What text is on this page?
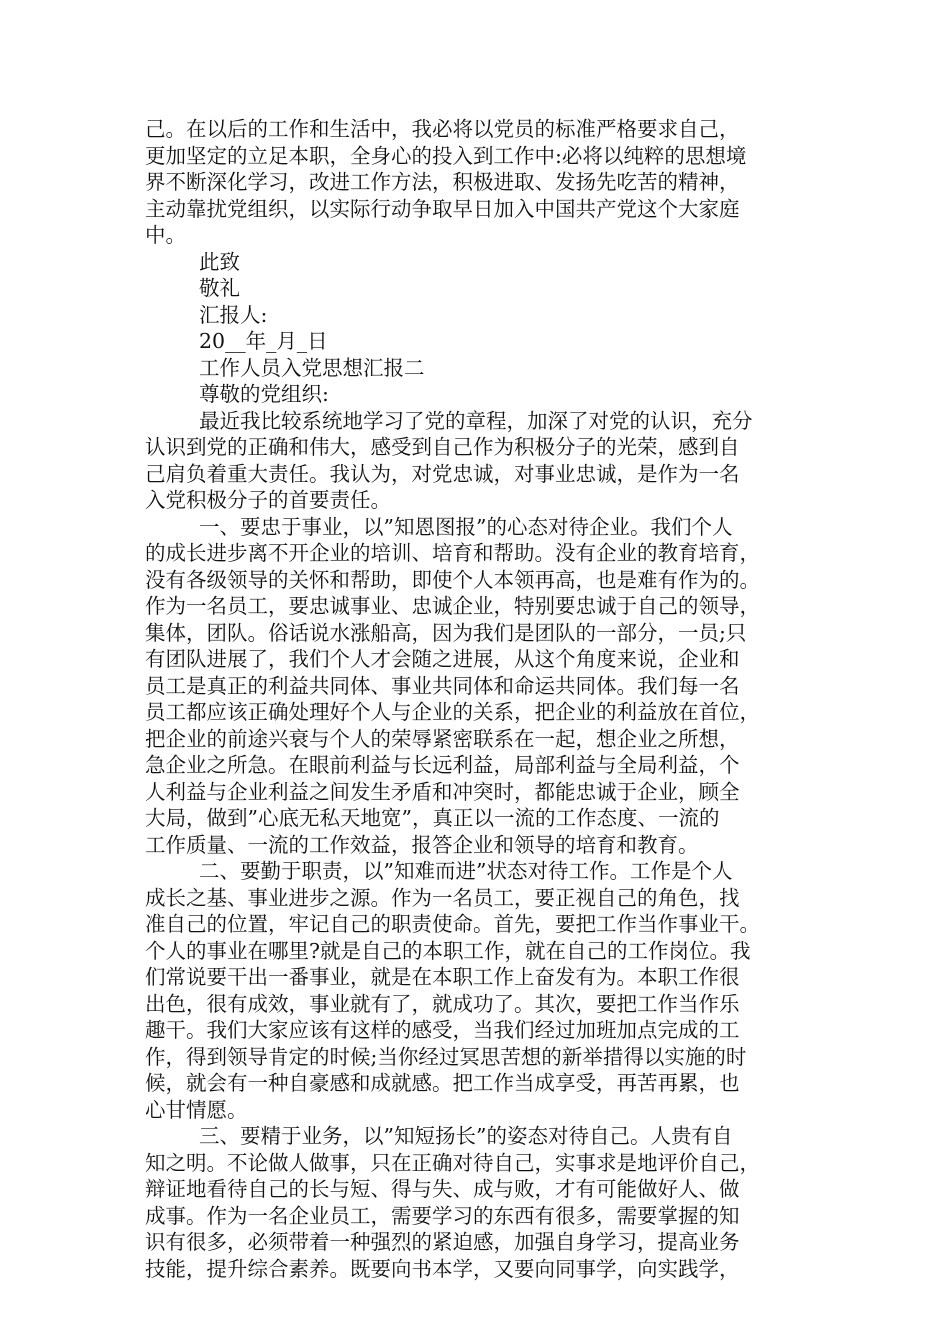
己。在以后的工作和生活中，我必将以党员的标准严格要求自己，
更加坚定的立足本职，全身心的投入到工作中:必将以纯粹的思想境
界不断深化学习，改进工作方法，积极进取、发扬先吃苦的精神，
主动靠扰党组织，以实际行动争取早日加入中国共产党这个大家庭
中。
此致
敬礼
汇报人:
20__年_月_日
工作人员入党思想汇报二
尊敬的党组织:
最近我比较系统地学习了党的章程，加深了对党的认识，充分
认识到党的正确和伟大，感受到自己作为积极分子的光荣，感到自
己肩负着重大责任。我认为，对党忠诚，对事业忠诚，是作为一名
入党积极分子的首要责任。
一、要忠于事业，以”知恩图报”的心态对待企业。我们个人
的成长进步离不开企业的培训、培育和帮助。没有企业的教育培育，
没有各级领导的关怀和帮助，即使个人本领再高，也是难有作为的。
作为一名员工，要忠诚事业、忠诚企业，特别要忠诚于自己的领导，
集体，团队。俗话说水涨船高，因为我们是团队的一部分，一员;只
有团队进展了，我们个人才会随之进展，从这个角度来说，企业和
员工是真正的利益共同体、事业共同体和命运共同体。我们每一名
员工都应该正确处理好个人与企业的关系，把企业的利益放在首位，
把企业的前途兴衰与个人的荣辱紧密联系在一起，想企业之所想，
急企业之所急。在眼前利益与长远利益，局部利益与全局利益，个
人利益与企业利益之间发生矛盾和冲突时，都能忠诚于企业，顾全
大局，做到”心底无私天地宽”，真正以一流的工作态度、一流的
工作质量、一流的工作效益，报答企业和领导的培育和教育。
二、要勤于职责，以”知难而进”状态对待工作。工作是个人
成长之基、事业进步之源。作为一名员工，要正视自己的角色，找
准自己的位置，牢记自己的职责使命。首先，要把工作当作事业干。
个人的事业在哪里?就是自己的本职工作，就在自己的工作岗位。我
们常说要干出一番事业，就是在本职工作上奋发有为。本职工作很
出色，很有成效，事业就有了，就成功了。其次，要把工作当作乐
趣干。我们大家应该有这样的感受，当我们经过加班加点完成的工
作，得到领导肯定的时候;当你经过冥思苦想的新举措得以实施的时
候，就会有一种自豪感和成就感。把工作当成享受，再苦再累，也
心甘情愿。
三、要精于业务，以”知短扬长”的姿态对待自己。人贵有自
知之明。不论做人做事，只在正确对待自己，实事求是地评价自己，
辩证地看待自己的长与短、得与失、成与败，才有可能做好人、做
成事。作为一名企业员工，需要学习的东西有很多，需要掌握的知
识有很多，必须带着一种强烈的紧迫感，加强自身学习，提高业务
技能，提升综合素养。既要向书本学，又要向同事学，向实践学，
